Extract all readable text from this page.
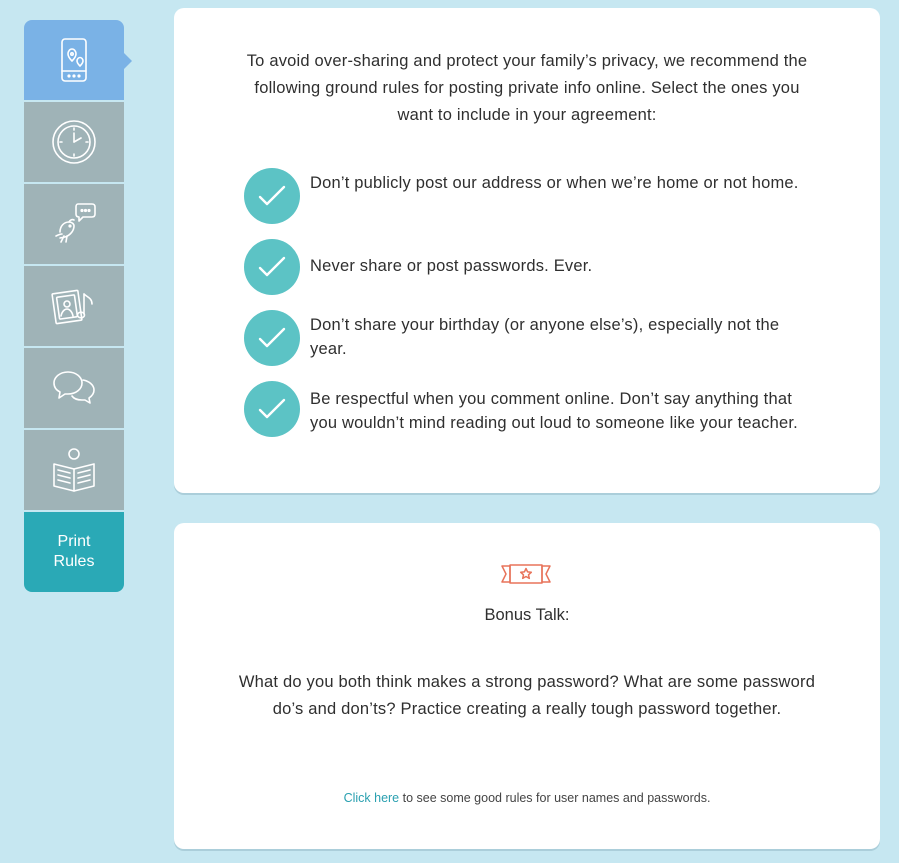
Print
Rules
To avoid over-sharing and protect your family’s privacy, we recommend the following ground rules for posting private info online. Select the ones you want to include in your agreement:
Don’t publicly post our address or when we’re home or not home.
Never share or post passwords. Ever.
Don’t share your birthday (or anyone else’s), especially not the year.
Be respectful when you comment online. Don’t say anything that you wouldn’t mind reading out loud to someone like your teacher.
Bonus Talk:
What do you both think makes a strong password? What are some password do’s and don’ts? Practice creating a really tough password together.
Click here to see some good rules for user names and passwords.
